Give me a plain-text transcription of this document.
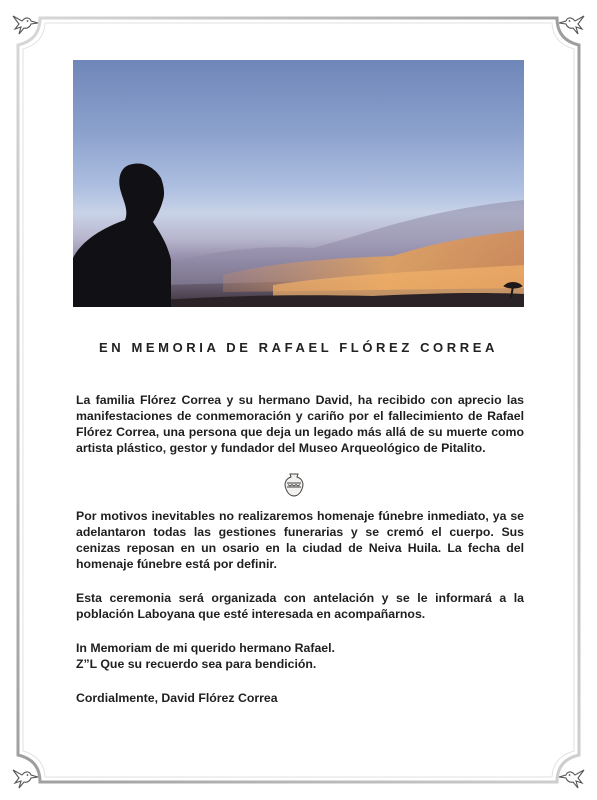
EN MEMORIA DE RAFAEL FLÓREZ CORREA

La familia Flórez Correa y su hermano David, ha recibido con aprecio las manifestaciones de conmemoración y cariño por el fallecimiento de Rafael Flórez Correa, una persona que deja un legado más allá de su muerte como artista plástico, gestor y fundador del Museo Arqueológico de Pitalito.

Por motivos inevitables no realizaremos homenaje fúnebre inmediato, ya se adelantaron todas las gestiones funerarias y se cremó el cuerpo. Sus cenizas reposan en un osario en la ciudad de Neiva Huila. La fecha del homenaje fúnebre está por definir.

Esta ceremonia será organizada con antelación y se le informará a la población Laboyana que esté interesada en acompañarnos.

In Memoriam de mi querido hermano Rafael.
Z”L Que su recuerdo sea para bendición.

Cordialmente, David Flórez Correa
